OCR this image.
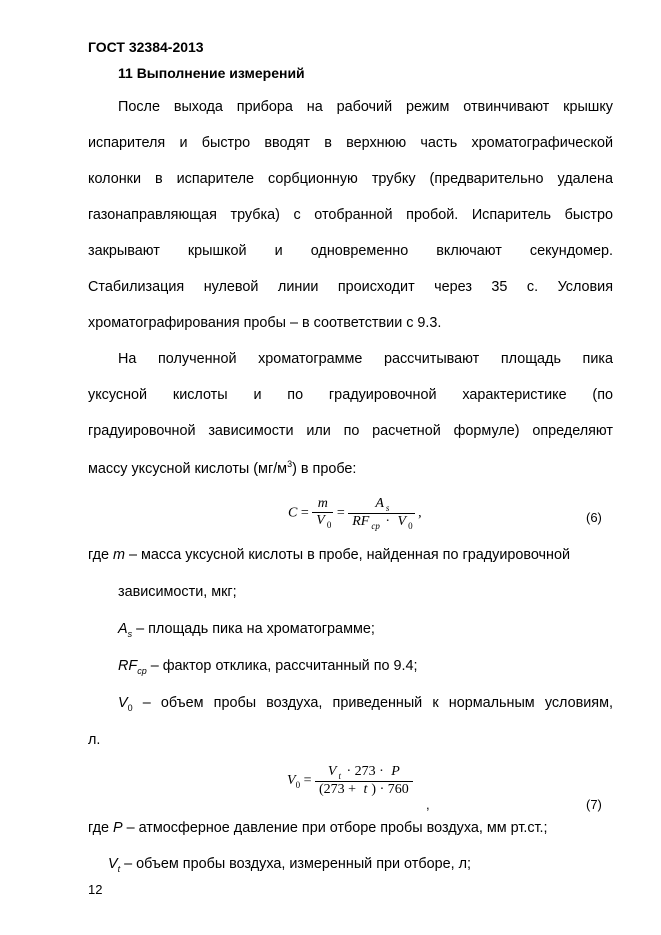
ГОСТ 32384-2013
11 Выполнение измерений
После выхода прибора на рабочий режим отвинчивают крышку
испарителя и быстро вводят в верхнюю часть хроматографической
колонки в испарителе сорбционную трубку (предварительно удалена
газонаправляющая трубка) с отобранной пробой. Испаритель быстро
закрывают крышкой и одновременно включают секундомер.
Стабилизация нулевой линии происходит через 35 с. Условия
хроматографирования пробы – в соответствии с 9.3.
На полученной хроматограмме рассчитывают площадь пика
уксусной кислоты и по градуировочной характеристике (по
градуировочной зависимости или по расчетной формуле) определяют
массу уксусной кислоты $(мг/м^3)$ в пробе:
$C = \frac{m}{V _0} = \frac{A _s}{RF _{ср} \cdot V _0}$ ,	(6)
где m – масса уксусной кислоты в пробе, найденная по градуировочной
зависимости, мкг;
$A_s$ – площадь пика на хроматограмме;
$RF_{cp}$ – фактор отклика, рассчитанный по 9.4;
$V_0$ – объем пробы воздуха, приведенный к нормальным условиям,
л.
$V_0 = \frac{V _t \cdot 273 \cdot P}{(273 + t ) \cdot 760}$
,	(7)
где P – атмосферное давление при отборе пробы воздуха, мм рт.ст.;
$V_t$ – объем пробы воздуха, измеренный при отборе, л;
12
